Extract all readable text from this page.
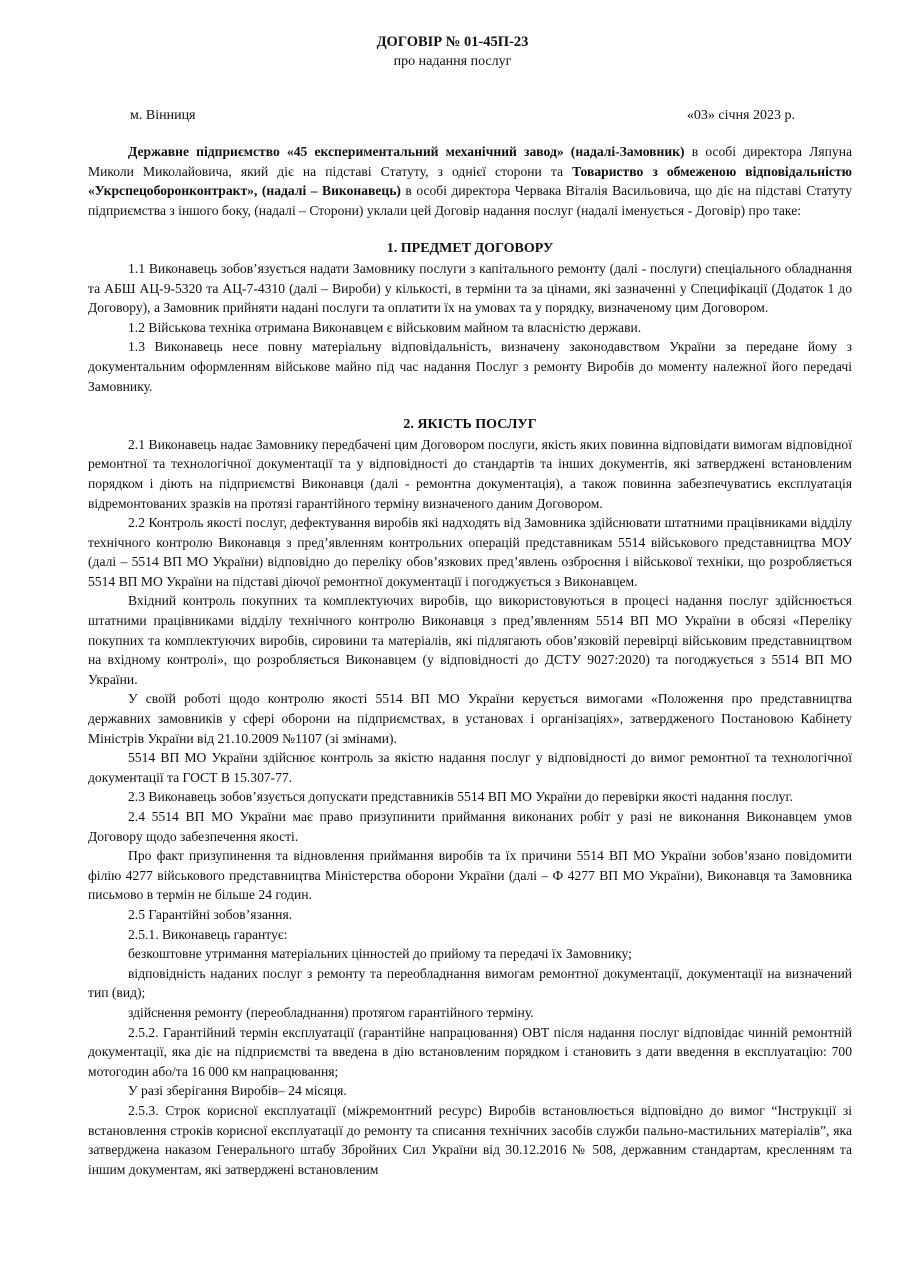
ДОГОВІР № 01-45П-23
про надання послуг
м. Вінниця	«03» січня 2023 р.

Державне підприємство «45 експериментальний механічний завод» (надалі-Замовник) в особі директора Ляпуна Миколи Миколайовича, який діє на підставі Статуту, з однієї сторони та Товариство з обмеженою відповідальністю «Укрспецоборонконтракт», (надалі – Виконавець) в особі директора Червака Віталія Васильовича, що діє на підставі Статуту підприємства з іншого боку, (надалі – Сторони) уклали цей Договір надання послуг (надалі іменується - Договір) про таке:

1. ПРЕДМЕТ ДОГОВОРУ

1.1 Виконавець зобов’язується надати Замовнику послуги з капітального ремонту (далі - послуги) спеціального обладнання та АБШ АЦ-9-5320 та АЦ-7-4310 (далі – Вироби) у кількості, в терміни та за цінами, які зазначенні у Специфікації (Додаток 1 до Договору), а Замовник прийняти надані послуги та оплатити їх на умовах та у порядку, визначеному цим Договором.

1.2 Військова техніка отримана Виконавцем є військовим майном та власністю держави.

1.3 Виконавець несе повну матеріальну відповідальність, визначену законодавством України за передане йому з документальним оформленням військове майно під час надання Послуг з ремонту Виробів до моменту належної його передачі Замовнику.

2. ЯКІСТЬ ПОСЛУГ

2.1 Виконавець надає Замовнику передбачені цим Договором послуги, якість яких повинна відповідати вимогам відповідної ремонтної та технологічної документації та у відповідності до стандартів та інших документів, які затверджені встановленим порядком і діють на підприємстві Виконавця (далі - ремонтна документація), а також повинна забезпечуватись експлуатація відремонтованих зразків на протязі гарантійного терміну визначеного даним Договором.

2.2 Контроль якості послуг, дефектування виробів які надходять від Замовника здійснювати штатними працівниками відділу технічного контролю Виконавця з пред’явленням контрольних операцій представникам 5514 військового представництва МОУ (далі – 5514 ВП МО України) відповідно до переліку обов’язкових пред’явлень озброєння і військової техніки, що розробляється 5514 ВП МО України на підставі діючої ремонтної документації і погоджується з Виконавцем.

Вхідний контроль покупних та комплектуючих виробів, що використовуються в процесі надання послуг здійснюється штатними працівниками відділу технічного контролю Виконавця з пред’явленням 5514 ВП МО України в обсязі «Переліку покупних та комплектуючих виробів, сировини та матеріалів, які підлягають обов’язковій перевірці військовим представництвом на вхідному контролі», що розробляється Виконавцем (у відповідності до ДСТУ 9027:2020) та погоджується з 5514 ВП МО України.

У своїй роботі щодо контролю якості 5514 ВП МО України керується вимогами «Положення про представництва державних замовників у сфері оборони на підприємствах, в установах і організаціях», затвердженого Постановою Кабінету Міністрів України від 21.10.2009 №1107 (зі змінами).

5514 ВП МО України здійснює контроль за якістю надання послуг у відповідності до вимог ремонтної та технологічної документації та ГОСТ В 15.307-77.

2.3 Виконавець зобов’язується допускати представників 5514 ВП МО України до перевірки якості надання послуг.

2.4 5514 ВП МО України має право призупинити приймання виконаних робіт у разі не виконання Виконавцем умов Договору щодо забезпечення якості.

Про факт призупинення та відновлення приймання виробів та їх причини 5514 ВП МО України зобов’язано повідомити філію 4277 військового представництва Міністерства оборони України (далі – Ф 4277 ВП МО України), Виконавця та Замовника письмово в термін не більше 24 годин.

2.5 Гарантійні зобов’язання.

2.5.1. Виконавець гарантує:

безкоштовне утримання матеріальних цінностей до прийому та передачі їх Замовнику;

відповідність наданих послуг з ремонту та переобладнання вимогам ремонтної документації, документації на визначений тип (вид);

здійснення ремонту (переобладнання) протягом гарантійного терміну.

2.5.2. Гарантійний термін експлуатації (гарантійне напрацювання) ОВТ після надання послуг відповідає чинній ремонтній документації, яка діє на підприємстві та введена в дію встановленим порядком і становить з дати введення в експлуатацію: 700 мотогодин або/та 16 000 км напрацювання;

У разі зберігання Виробів– 24 місяця.

2.5.3. Строк корисної експлуатації (міжремонтний ресурс) Виробів встановлюється відповідно до вимог “Інструкції зі встановлення строків корисної експлуатації до ремонту та списання технічних засобів служби пально-мастильних матеріалів”, яка затверджена наказом Генерального штабу Збройних Сил України від 30.12.2016 № 508, державним стандартам, кресленням та іншим документам, які затверджені встановленим
